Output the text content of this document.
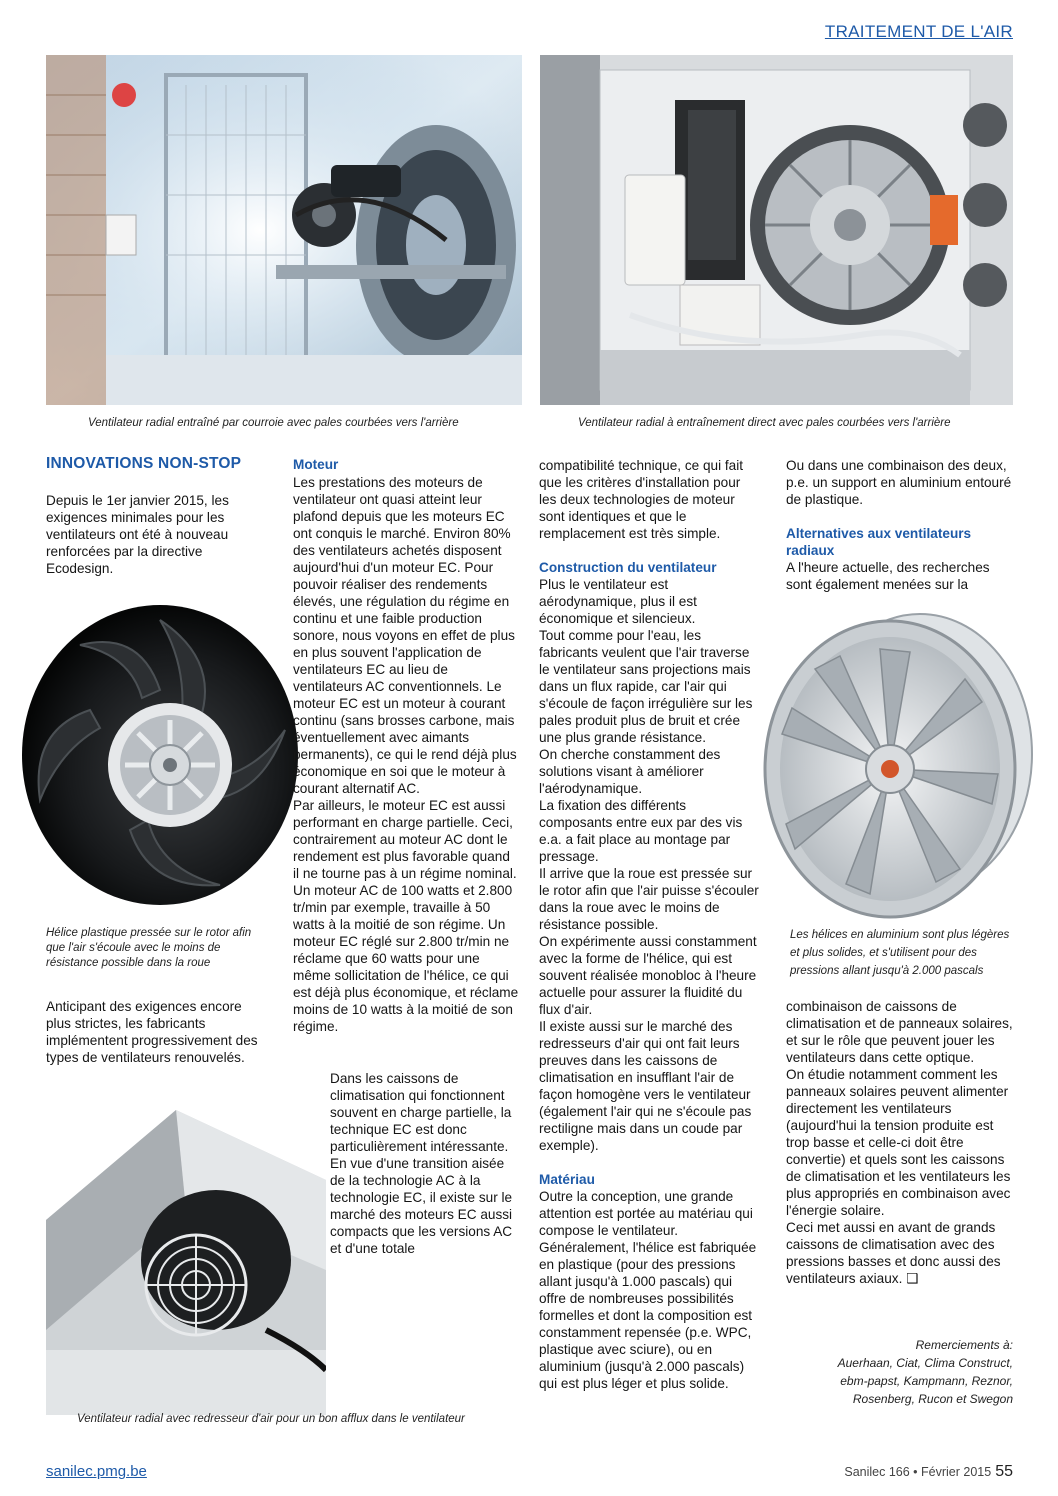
TRAITEMENT DE L'AIR
Ventilateur radial entraîné par courroie avec pales courbées vers l'arrière	Ventilateur radial à entraînement direct avec pales courbées vers l'arrière
INNOVATIONS NON-STOP
Depuis le 1er janvier 2015, les exigences minimales pour les ventilateurs ont été à nouveau renforcées par la directive Ecodesign.
Hélice plastique pressée sur le rotor afin que l'air s'écoule avec le moins de résistance possible dans la roue
Anticipant des exigences encore plus strictes, les fabricants implémentent progressivement des types de ventilateurs renouvelés.
Moteur

Les prestations des moteurs de ventilateur ont quasi atteint leur plafond depuis que les moteurs EC ont conquis le marché. Environ 80% des ventilateurs achetés disposent aujourd'hui d'un moteur EC. Pour pouvoir réaliser des rendements élevés, une régulation du régime en continu et une faible production sonore, nous voyons en effet de plus en plus souvent l'application de ventilateurs EC au lieu de ventilateurs AC conventionnels. Le moteur EC est un moteur à courant continu (sans brosses carbone, mais éventuellement avec aimants permanents), ce qui le rend déjà plus économique en soi que le moteur à courant alternatif AC.

Par ailleurs, le moteur EC est aussi performant en charge partielle. Ceci, contrairement au moteur AC dont le rendement est plus favorable quand il ne tourne pas à un régime nominal. Un moteur AC de 100 watts et 2.800 tr/min par exemple, travaille à 50 watts à la moitié de son régime. Un moteur EC réglé sur 2.800 tr/min ne réclame que 60 watts pour une même sollicitation de l'hélice, ce qui est déjà plus économique, et réclame moins de 10 watts à la moitié de son régime.

Dans les caissons de climatisation qui fonctionnent souvent en charge partielle, la technique EC est donc particulièrement intéressante. En vue d'une transition aisée de la technologie AC à la technologie EC, il existe sur le marché des moteurs EC aussi compacts que les versions AC et d'une totale
Ventilateur radial avec redresseur d'air pour un bon afflux dans le ventilateur

compatibilité technique, ce qui fait que les critères d'installation pour les deux technologies de moteur sont identiques et que le remplacement est très simple.

Construction du ventilateur

Plus le ventilateur est aérodynamique, plus il est économique et silencieux.

Tout comme pour l'eau, les fabricants veulent que l'air traverse le ventilateur sans projections mais dans un flux rapide, car l'air qui s'écoule de façon irrégulière sur les pales produit plus de bruit et crée une plus grande résistance.

On cherche constamment des solutions visant à améliorer l'aérodynamique.

La fixation des différents composants entre eux par des vis e.a. a fait place au montage par pressage.

Il arrive que la roue est pressée sur le rotor afin que l'air puisse s'écouler dans la roue avec le moins de résistance possible.

On expérimente aussi constamment avec la forme de l'hélice, qui est souvent réalisée monobloc à l'heure actuelle pour assurer la fluidité du flux d'air.

Il existe aussi sur le marché des redresseurs d'air qui ont fait leurs preuves dans les caissons de climatisation en insufflant l'air de façon homogène vers le ventilateur (également l'air qui ne s'écoule pas rectiligne mais dans un coude par exemple).

Matériau

Outre la conception, une grande attention est portée au matériau qui compose le ventilateur.

Généralement, l'hélice est fabriquée en plastique (pour des pressions allant jusqu'à 1.000 pascals) qui offre de nombreuses possibilités formelles et dont la composition est constamment repensée (p.e. WPC, plastique avec sciure), ou en aluminium (jusqu'à 2.000 pascals) qui est plus léger et plus solide.

Ou dans une combinaison des deux, p.e. un support en aluminium entouré de plastique.

Alternatives aux ventilateurs radiaux

A l'heure actuelle, des recherches sont également menées sur la

Les hélices en aluminium sont plus légères et plus solides, et s'utilisent pour des pressions allant jusqu'à 2.000 pascals

combinaison de caissons de climatisation et de panneaux solaires, et sur le rôle que peuvent jouer les ventilateurs dans cette optique.

On étudie notamment comment les panneaux solaires peuvent alimenter directement les ventilateurs (aujourd'hui la tension produite est trop basse et celle-ci doit être convertie) et quels sont les caissons de climatisation et les ventilateurs les plus appropriés en combinaison avec l'énergie solaire.

Ceci met aussi en avant de grands caissons de climatisation avec des pressions basses et donc aussi des ventilateurs axiaux. ❑

Remerciements à:
Auerhaan, Ciat, Clima Construct, ebm-papst, Kampmann, Reznor, Rosenberg, Rucon et Swegon
sanilec.pmg.be	Sanilec 166 • Février 2015 55
